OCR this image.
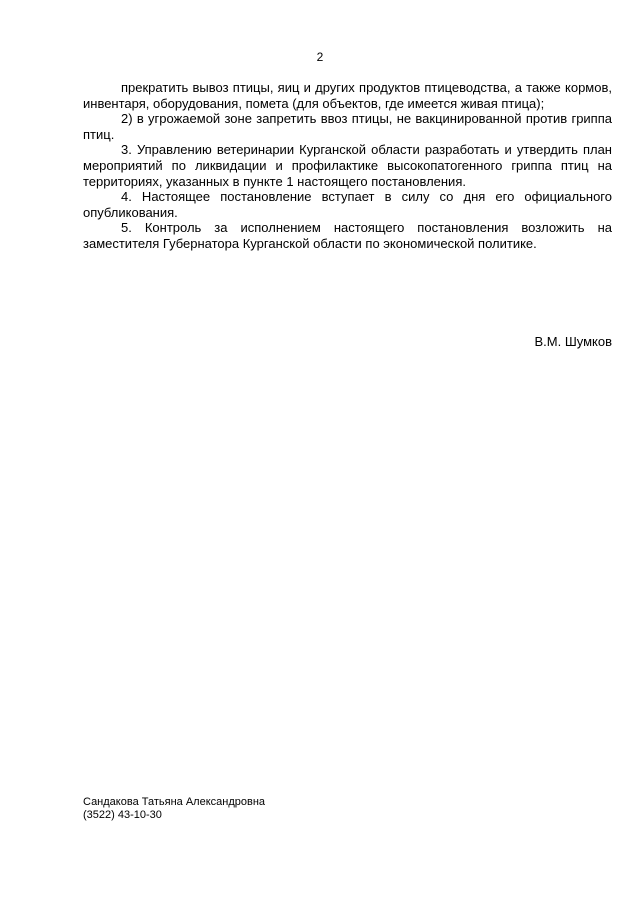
2

прекратить вывоз птицы, яиц и других продуктов птицеводства, а также кормов, инвентаря, оборудования, помета (для объектов, где имеется живая птица);

2) в угрожаемой зоне запретить ввоз птицы, не вакцинированной против гриппа птиц.

3. Управлению ветеринарии Курганской области разработать и утвердить план мероприятий по ликвидации и профилактике высокопатогенного гриппа птиц на территориях, указанных в пункте 1 настоящего постановления.

4. Настоящее постановление вступает в силу со дня его официального опубликования.

5. Контроль за исполнением настоящего постановления возложить на заместителя Губернатора Курганской области по экономической политике.

В.М. Шумков
Сандакова Татьяна Александровна
(3522) 43-10-30
